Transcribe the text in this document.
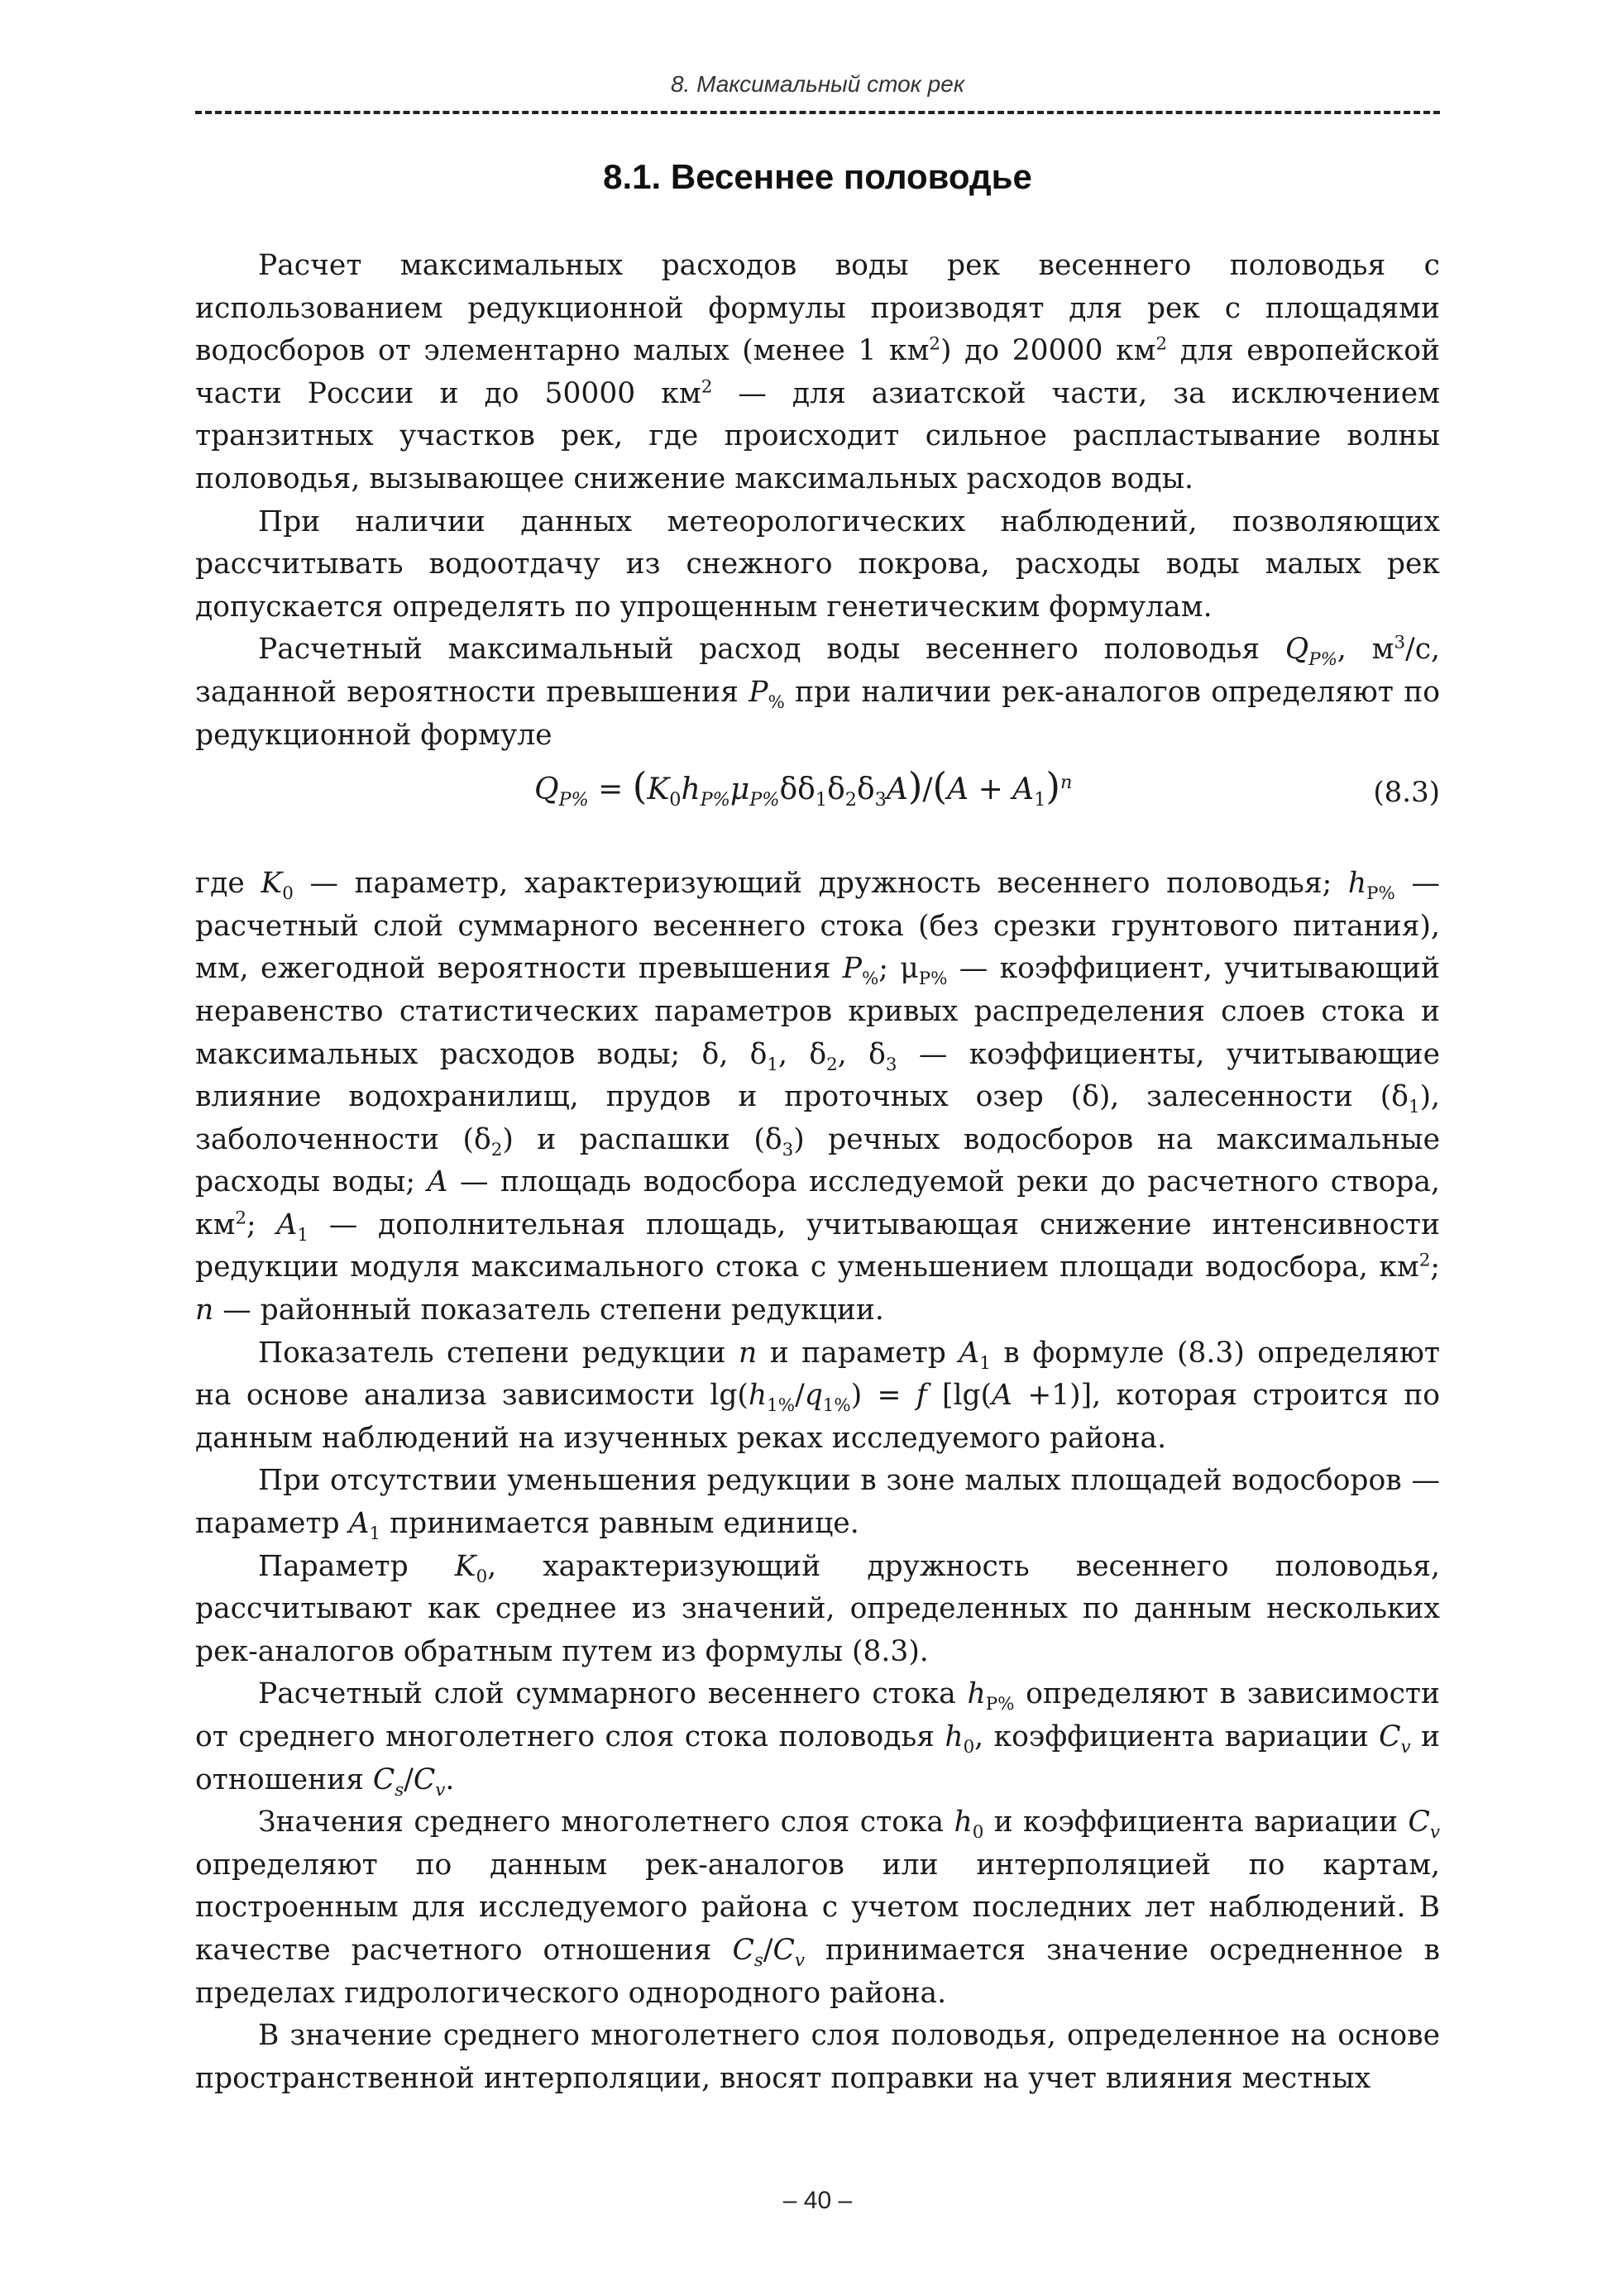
8. Максимальный сток рек
8.1. Весеннее половодье

Расчет максимальных расходов воды рек весеннего половодья с использованием редукционной формулы производят для рек с площадями водосборов от элементарно малых (менее 1 $км^2$) до 20000 $км^2$ для европейской части России и до 50000 $км^2$ — для азиатской части, за исключением транзитных участков рек, где происходит сильное распластывание волны половодья, вызывающее снижение максимальных расходов воды.

При наличии данных метеорологических наблюдений, позволяющих рассчитывать водоотдачу из снежного покрова, расходы воды малых рек допускается определять по упрощенным генетическим формулам.

Расчетный максимальный расход воды весеннего половодья $Q_{P\%}$, $м^3/с$, заданной вероятности превышения $P_{\%}$ при наличии рек-аналогов определяют по редукционной формуле

$Q_{P\%} = (K_0h_{P\%}\mu_{P\%}\delta\delta_1\delta_2\delta_3A)/(A + A_1)^n$	(8.3)

где $K_0$ — параметр, характеризующий дружность весеннего половодья; $h_{P\%}$ — расчетный слой суммарного весеннего стока (без срезки грунтового питания), мм, ежегодной вероятности превышения $P_{\%}$; $\mu_{P\%}$ — коэффициент, учитывающий неравенство статистических параметров кривых распределения слоев стока и максимальных расходов воды; δ, $\delta_1$, $\delta_2$, $\delta_3$ — коэффициенты, учитывающие влияние водохранилищ, прудов и проточных озер (δ), залесенности $(\delta_1)$, заболоченности $(\delta_2)$ и распашки $(\delta_3)$ речных водосборов на максимальные расходы воды; A — площадь водосбора исследуемой реки до расчетного створа, $км^2$; $A_1$ — дополнительная площадь, учитывающая снижение интенсивности редукции модуля максимального стока с уменьшением площади водосбора, $км^2$; n — районный показатель степени редукции.

Показатель степени редукции n и параметр $A_1$ в формуле (8.3) определяют на основе анализа зависимости $\lg(h_{1\%}/q_{1\%}) = f$ [lg(A +1)], которая строится по данным наблюдений на изученных реках исследуемого района.

При отсутствии уменьшения редукции в зоне малых площадей водосборов — параметр $A_1$ принимается равным единице.

Параметр $K_0$, характеризующий дружность весеннего половодья, рассчитывают как среднее из значений, определенных по данным нескольких рек-аналогов обратным путем из формулы (8.3).

Расчетный слой суммарного весеннего стока $h_{P\%}$ определяют в зависимости от среднего многолетнего слоя стока половодья $h_0$, коэффициента вариации $C_v$ и отношения $C_s/C_v$.

Значения среднего многолетнего слоя стока $h_0$ и коэффициента вариации $C_v$ определяют по данным рек-аналогов или интерполяцией по картам, построенным для исследуемого района с учетом последних лет наблюдений. В качестве расчетного отношения $C_s/C_v$ принимается значение осредненное в пределах гидрологического однородного района.

В значение среднего многолетнего слоя половодья, определенное на основе пространственной интерполяции, вносят поправки на учет влияния местных

– 40 –
